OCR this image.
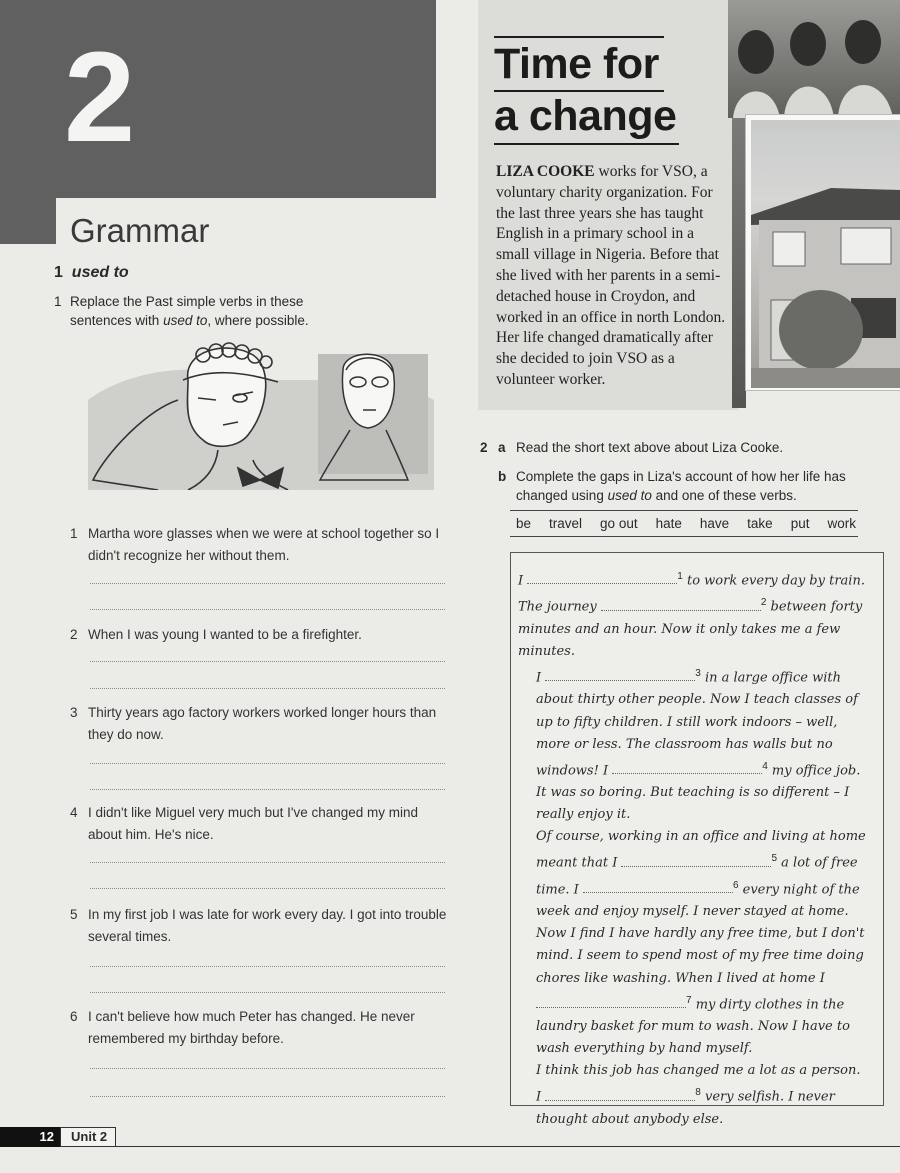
2
Grammar
1 used to
1 Replace the Past simple verbs in these sentences with used to, where possible.
1 Martha wore glasses when we were at school together so I didn't recognize her without them.
2 When I was young I wanted to be a firefighter.
3 Thirty years ago factory workers worked longer hours than they do now.
4 I didn't like Miguel very much but I've changed my mind about him. He's nice.
5 In my first job I was late for work every day. I got into trouble several times.
6 I can't believe how much Peter has changed. He never remembered my birthday before.
Time for
a change
LIZA COOKE works for VSO, a voluntary charity organization. For the last three years she has taught English in a primary school in a small village in Nigeria. Before that she lived with her parents in a semi-detached house in Croydon, and worked in an office in north London. Her life changed dramatically after she decided to join VSO as a volunteer worker.
2 a Read the short text above about Liza Cooke.
b Complete the gaps in Liza's account of how her life has changed using used to and one of these verbs.
be travel go out hate have take put work

I	$^1$ to work every day by train. The journey	$^2$ between forty minutes and an hour. Now it only takes me a few minutes.

I	$^3$ in a large office with about thirty other people. Now I teach classes of up to fifty children. I still work indoors – well, more or less. The classroom has walls but no windows! I	$^4$ my office job. It was so boring. But teaching is so different – I really enjoy it.

Of course, working in an office and living at home meant that I	$^5$ a lot of free time. I	$^6$ every night of the week and enjoy myself. I never stayed at home. Now I find I have hardly any free time, but I don't mind. I seem to spend most of my free time doing chores like washing. When I lived at home I $^7$ my dirty clothes in the laundry basket for mum to wash. Now I have to wash everything by hand myself.

I think this job has changed me a lot as a person. I	$^8$ very selfish. I never thought about anybody else.

12	Unit 2
